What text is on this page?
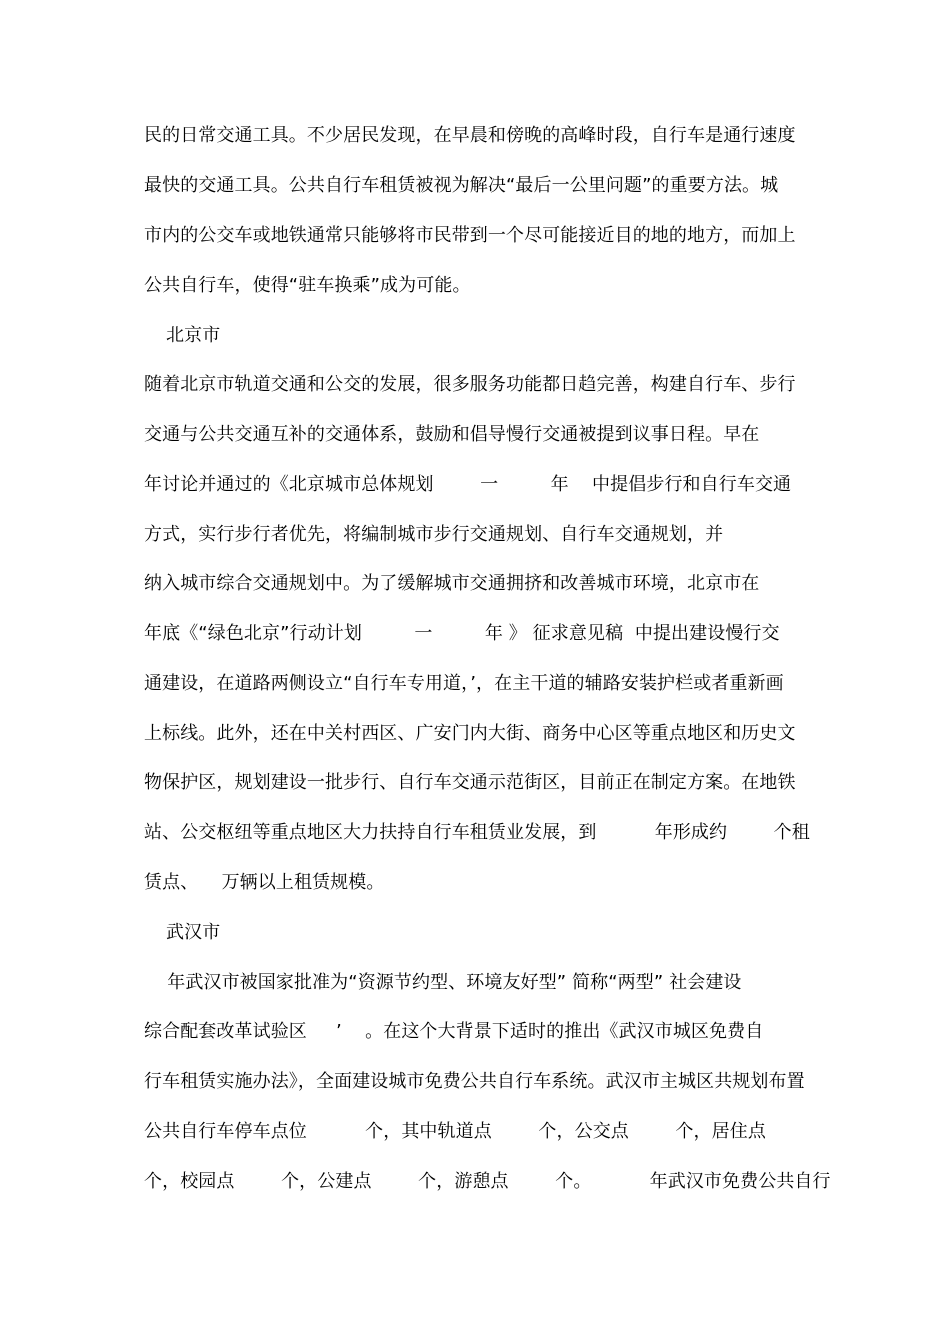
民的日常交通工具。不少居民发现，在早晨和傍晚的高峰时段，自行车是通行速度
最快的交通工具。公共自行车租赁被视为解决“最后一公里问题”的重要方法。城
市内的公交车或地铁通常只能够将市民带到一个尽可能接近目的地的地方，而加上
公共自行车，使得“驻车换乘”成为可能。
北京市
随着北京市轨道交通和公交的发展，很多服务功能都日趋完善，构建自行车、步行
交通与公共交通互补的交通体系，鼓励和倡导慢行交通被提到议事日程。早在
年讨论并通过的《北京城市总体规划        一         年    中提倡步行和自行车交通
方式，实行步行者优先，将编制城市步行交通规划、自行车交通规划，并
纳入城市综合交通规划中。为了缓解城市交通拥挤和改善城市环境，北京市在
年底《“绿色北京”行动计划         一         年 》 征求意见稿  中提出建设慢行交
通建设，在道路两侧设立“自行车专用道，’，在主干道的辅路安装护栏或者重新画
上标线。此外，还在中关村西区、广安门内大街、商务中心区等重点地区和历史文
物保护区，规划建设一批步行、自行车交通示范街区，目前正在制定方案。在地铁
站、公交枢纽等重点地区大力扶持自行车租赁业发展，到          年形成约        个租
赁点、    万辆以上租赁规模。
武汉市
年武汉市被国家批准为“资源节约型、环境友好型” 简称“两型” 社会建设
综合配套改革试验区     ’    。在这个大背景下适时的推出《武汉市城区免费自
行车租赁实施办法》，全面建设城市免费公共自行车系统。武汉市主城区共规划布置
公共自行车停车点位          个，其中轨道点        个，公交点        个，居住点
个，校园点        个，公建点        个，游憩点        个。          年武汉市免费公共自行
